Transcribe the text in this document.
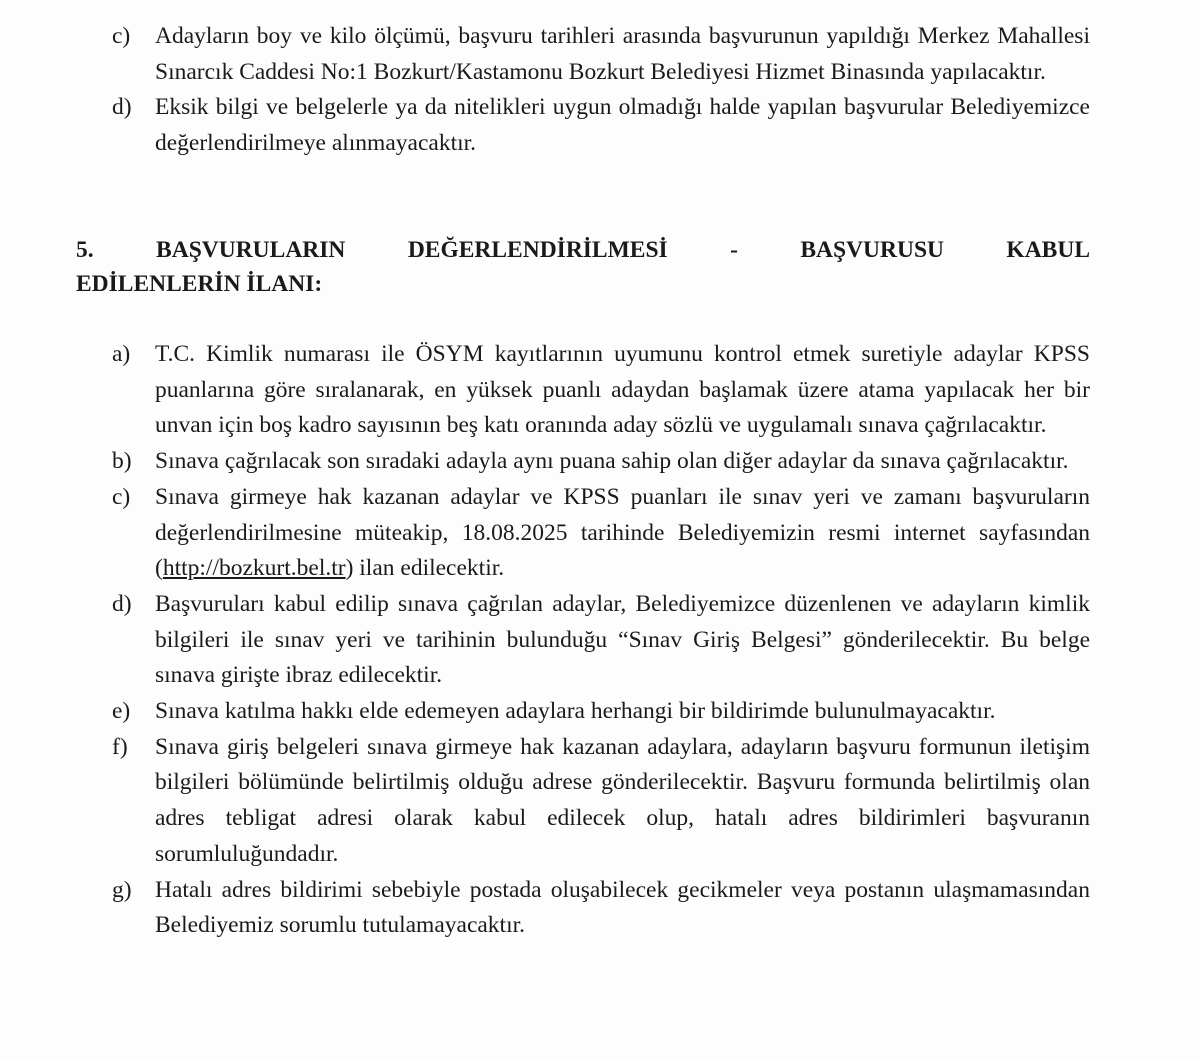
c) Adayların boy ve kilo ölçümü, başvuru tarihleri arasında başvurunun yapıldığı Merkez Mahallesi Sınarcık Caddesi No:1 Bozkurt/Kastamonu Bozkurt Belediyesi Hizmet Binasında yapılacaktır.
d) Eksik bilgi ve belgelerle ya da nitelikleri uygun olmadığı halde yapılan başvurular Belediyemizce değerlendirilmeye alınmayacaktır.
5.	BAŞVURULARIN	DEĞERLENDİRİLMESİ	-	BAŞVURUSU	KABUL
EDİLENLERİN İLANI:
a) T.C. Kimlik numarası ile ÖSYM kayıtlarının uyumunu kontrol etmek suretiyle adaylar KPSS puanlarına göre sıralanarak, en yüksek puanlı adaydan başlamak üzere atama yapılacak her bir unvan için boş kadro sayısının beş katı oranında aday sözlü ve uygulamalı sınava çağrılacaktır.
b) Sınava çağrılacak son sıradaki adayla aynı puana sahip olan diğer adaylar da sınava çağrılacaktır.
c) Sınava girmeye hak kazanan adaylar ve KPSS puanları ile sınav yeri ve zamanı başvuruların değerlendirilmesine müteakip, 18.08.2025 tarihinde Belediyemizin resmi internet sayfasından (http://bozkurt.bel.tr) ilan edilecektir.
d) Başvuruları kabul edilip sınava çağrılan adaylar, Belediyemizce düzenlenen ve adayların kimlik bilgileri ile sınav yeri ve tarihinin bulunduğu “Sınav Giriş Belgesi” gönderilecektir. Bu belge sınava girişte ibraz edilecektir.
e) Sınava katılma hakkı elde edemeyen adaylara herhangi bir bildirimde bulunulmayacaktır.
f) Sınava giriş belgeleri sınava girmeye hak kazanan adaylara, adayların başvuru formunun iletişim bilgileri bölümünde belirtilmiş olduğu adrese gönderilecektir. Başvuru formunda belirtilmiş olan adres tebligat adresi olarak kabul edilecek olup, hatalı adres bildirimleri başvuranın sorumluluğundadır.
g) Hatalı adres bildirimi sebebiyle postada oluşabilecek gecikmeler veya postanın ulaşmamasından Belediyemiz sorumlu tutulamayacaktır.
